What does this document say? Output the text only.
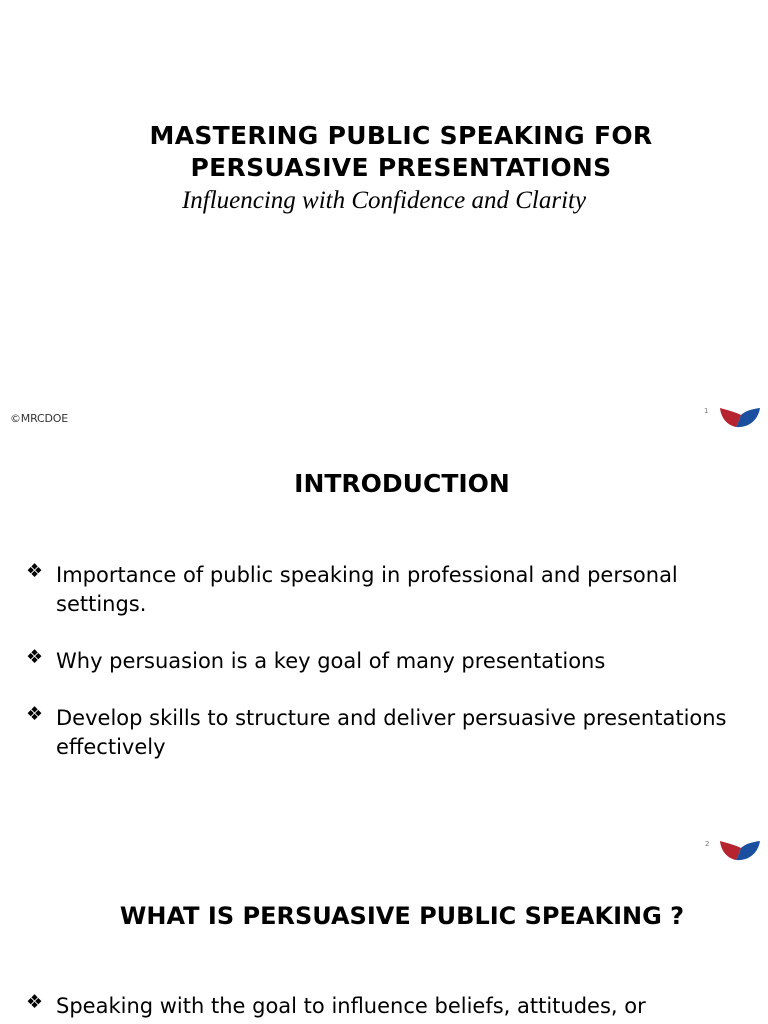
MASTERING PUBLIC SPEAKING FOR PERSUASIVE PRESENTATIONS
Influencing with Confidence and Clarity
©MRCDOE
1
INTRODUCTION
❖ Importance of public speaking in professional and personal settings.
❖ Why persuasion is a key goal of many presentations
❖ Develop skills to structure and deliver persuasive presentations effectively
2
WHAT IS PERSUASIVE PUBLIC SPEAKING ?
❖ Speaking with the goal to influence beliefs, attitudes, or
